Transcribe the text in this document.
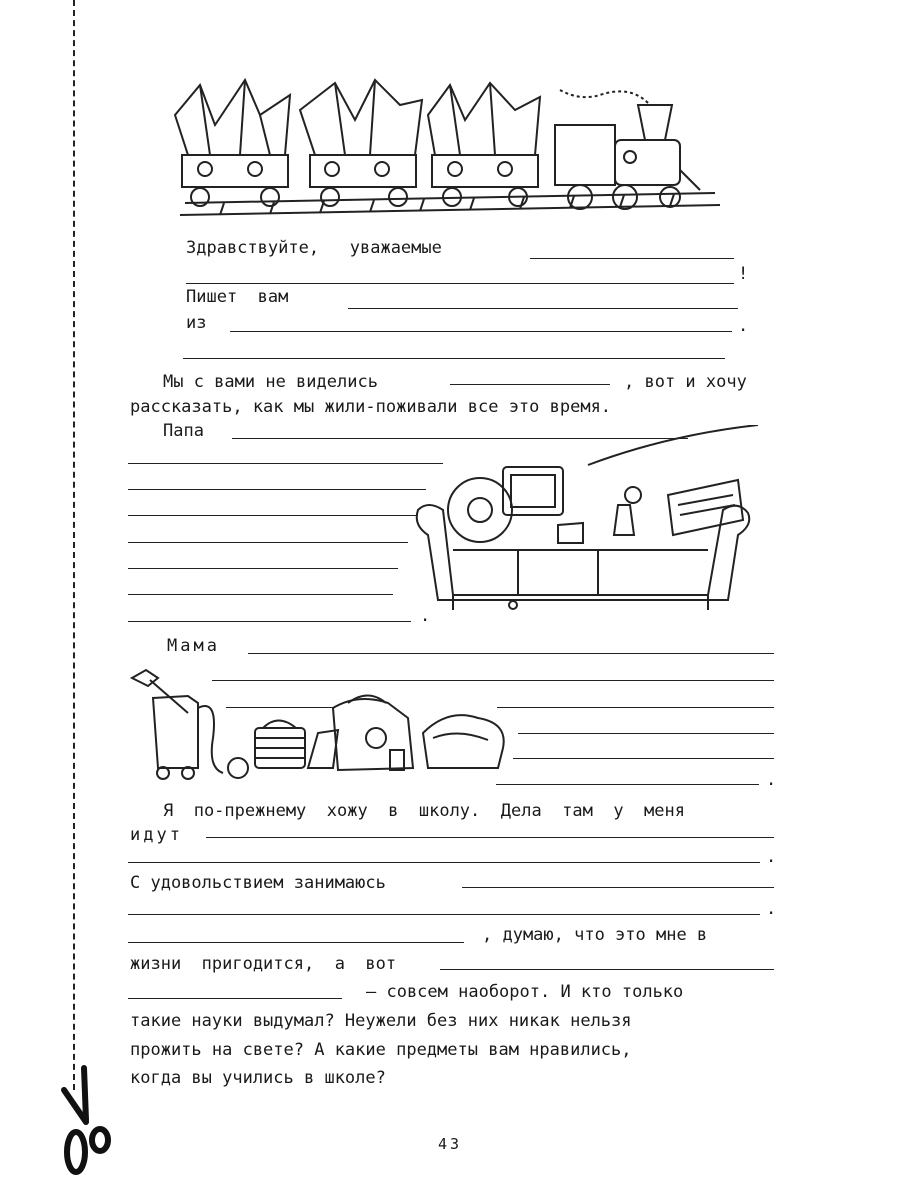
Здравствуйте,   уважаемые
!
Пишет  вам
из	.
Мы с вами не виделись	, вот и хочу
рассказать, как мы жили-поживали все это время.
Папа
.
Мама
.
Я  по-прежнему  хожу  в  школу.  Дела  там  у  меня
идут
.
С удовольствием занимаюсь
.
, думаю, что это мне в
жизни  пригодится,  а  вот
— совсем наоборот. И кто только
такие науки выдумал? Неужели без них никак нельзя
прожить на свете? А какие предметы вам нравились,
когда вы учились в школе?
43
